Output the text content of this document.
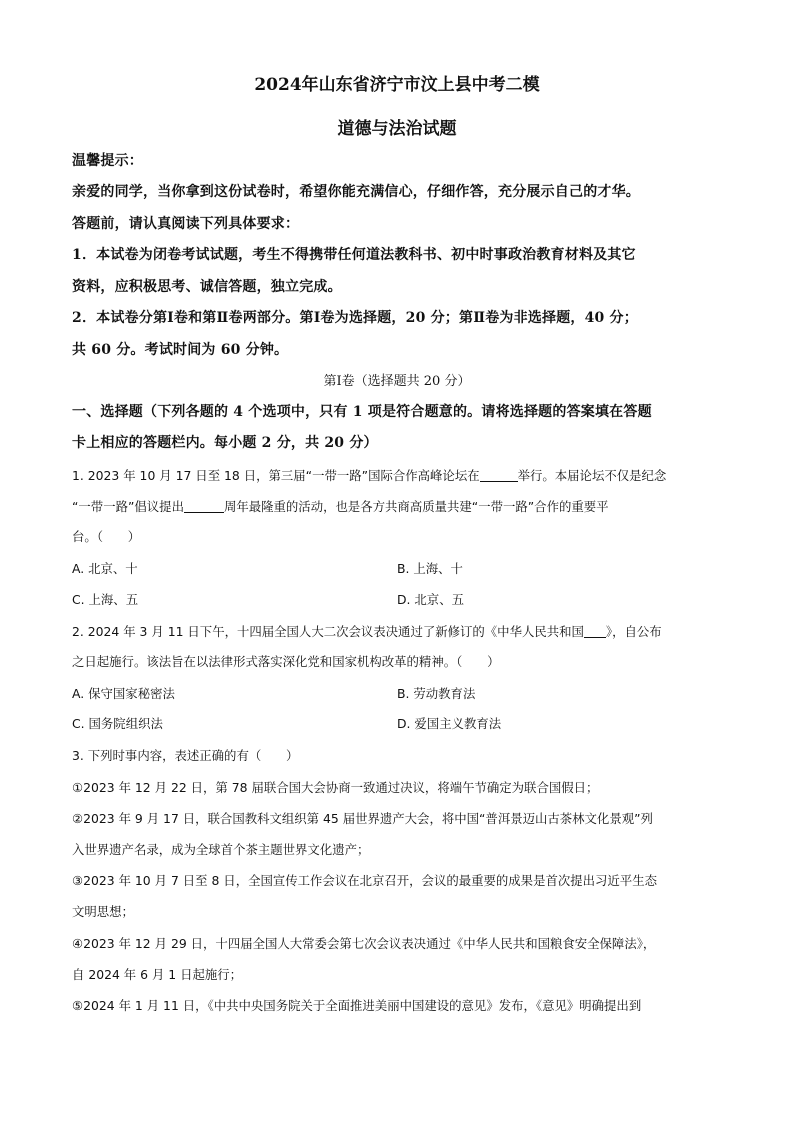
2024年山东省济宁市汶上县中考二模
道德与法治试题
温馨提示：
亲爱的同学，当你拿到这份试卷时，希望你能充满信心，仔细作答，充分展示自己的才华。
答题前，请认真阅读下列具体要求：
1．本试卷为闭卷考试试题，考生不得携带任何道法教科书、初中时事政治教育材料及其它
资料，应积极思考、诚信答题，独立完成。
2．本试卷分第Ⅰ卷和第Ⅱ卷两部分。第Ⅰ卷为选择题，20 分；第Ⅱ卷为非选择题，40 分；
共 60 分。考试时间为 60 分钟。
第Ⅰ卷（选择题共 20 分）
一、选择题（下列各题的 4 个选项中，只有 1 项是符合题意的。请将选择题的答案填在答题
卡上相应的答题栏内。每小题 2 分，共 20 分）
1. 2023 年 10 月 17 日至 18 日，第三届“一带一路”国际合作高峰论坛在	举行。本届论坛不仅是纪念
“一带一路”倡议提出	周年最隆重的活动，也是各方共商高质量共建“一带一路”合作的重要平
台。（　　）
A. 北京、十	B. 上海、十
C. 上海、五	D. 北京、五
2. 2024 年 3 月 11 日下午，十四届全国人大二次会议表决通过了新修订的《中华人民共和国 》，自公布
之日起施行。该法旨在以法律形式落实深化党和国家机构改革的精神。（　　）
A. 保守国家秘密法	B. 劳动教育法
C. 国务院组织法	D. 爱国主义教育法
3. 下列时事内容，表述正确的有（　　）
①2023 年 12 月 22 日，第 78 届联合国大会协商一致通过决议，将端午节确定为联合国假日；
②2023 年 9 月 17 日，联合国教科文组织第 45 届世界遗产大会，将中国“普洱景迈山古茶林文化景观”列
入世界遗产名录，成为全球首个茶主题世界文化遗产；
③2023 年 10 月 7 日至 8 日，全国宣传工作会议在北京召开，会议的最重要的成果是首次提出习近平生态
文明思想；
④2023 年 12 月 29 日，十四届全国人大常委会第七次会议表决通过《中华人民共和国粮食安全保障法》，
自 2024 年 6 月 1 日起施行；
⑤2024 年 1 月 11 日，《中共中央国务院关于全面推进美丽中国建设的意见》发布，《意见》明确提出到
